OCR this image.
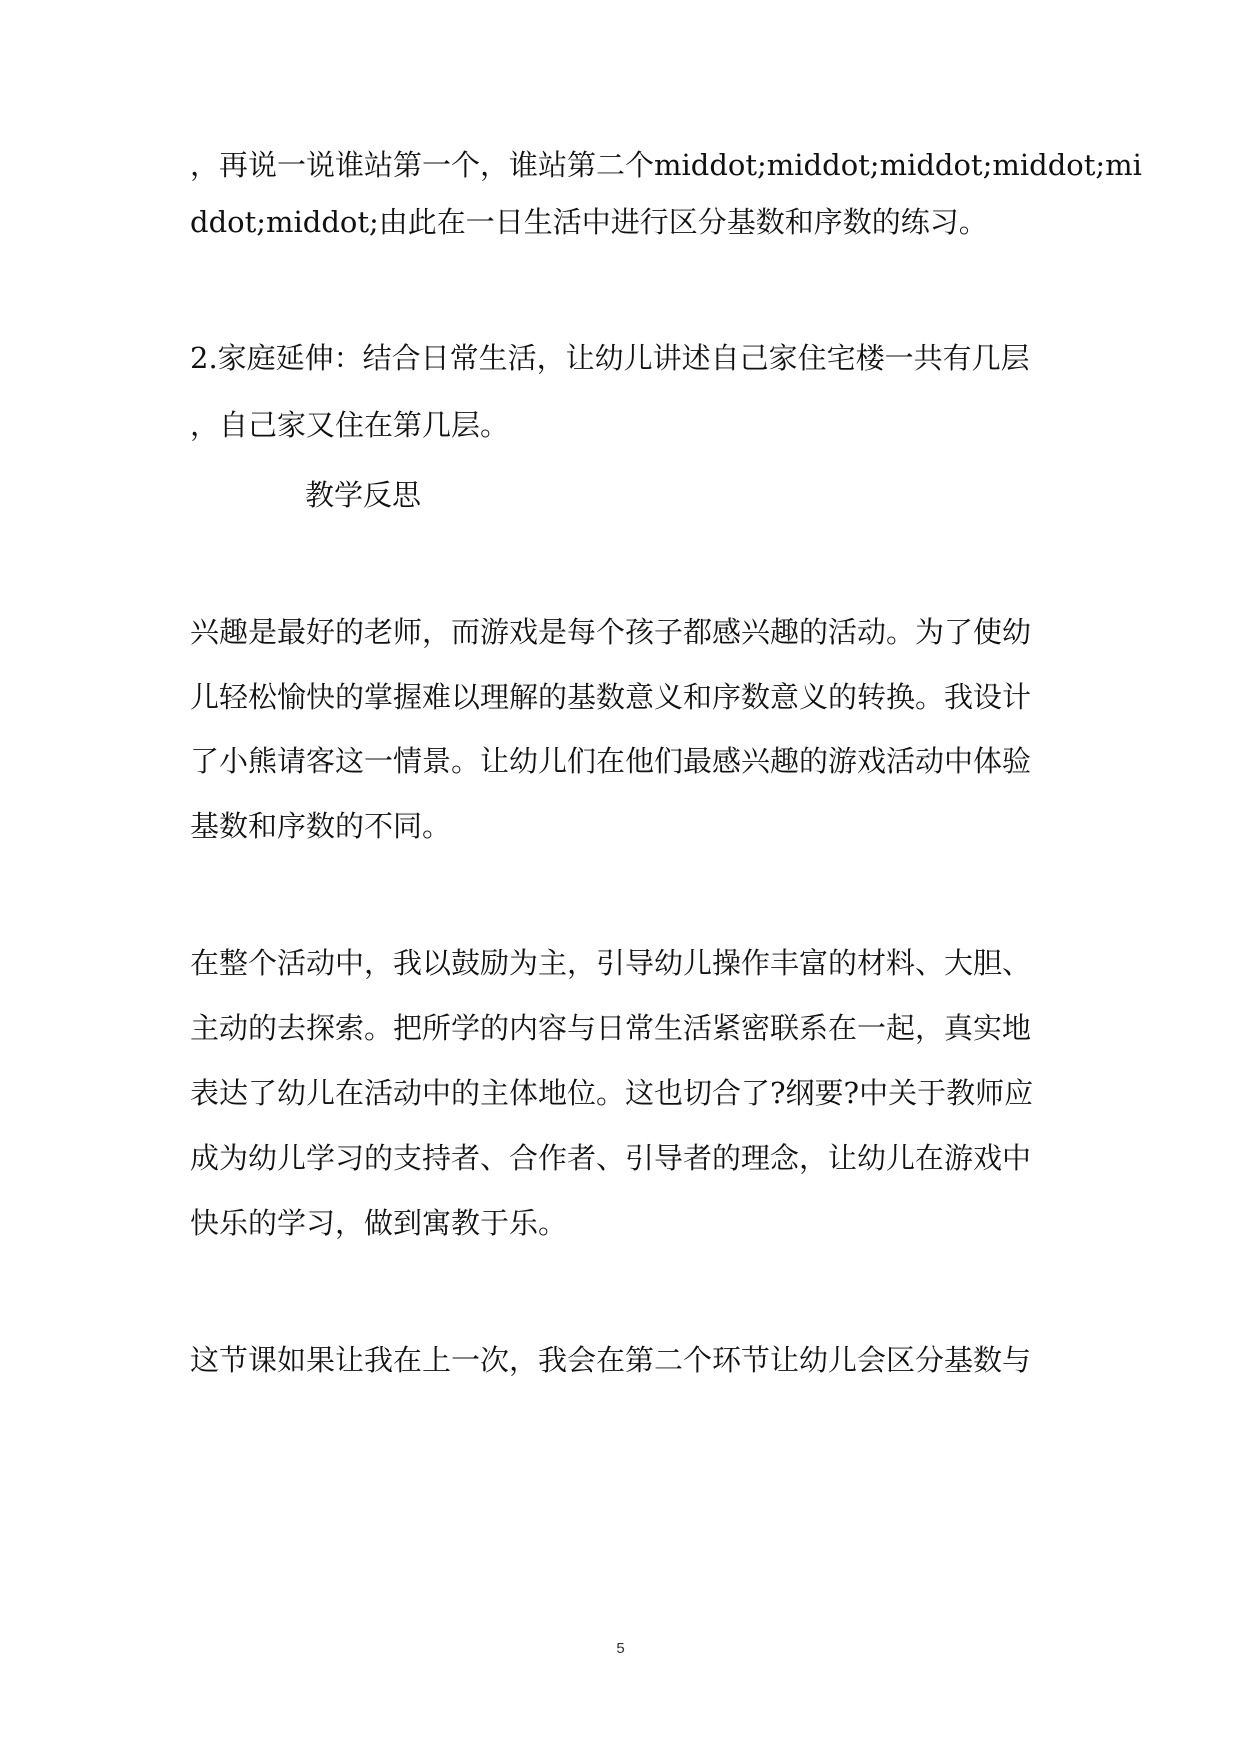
，再说一说谁站第一个，谁站第二个middot;middot;middot;middot;mi
ddot;middot;由此在一日生活中进行区分基数和序数的练习。
2.家庭延伸：结合日常生活，让幼儿讲述自己家住宅楼一共有几层
，自己家又住在第几层。
教学反思
兴趣是最好的老师，而游戏是每个孩子都感兴趣的活动。为了使幼
儿轻松愉快的掌握难以理解的基数意义和序数意义的转换。我设计
了小熊请客这一情景。让幼儿们在他们最感兴趣的游戏活动中体验
基数和序数的不同。
在整个活动中，我以鼓励为主，引导幼儿操作丰富的材料、大胆、
主动的去探索。把所学的内容与日常生活紧密联系在一起，真实地
表达了幼儿在活动中的主体地位。这也切合了?纲要?中关于教师应
成为幼儿学习的支持者、合作者、引导者的理念，让幼儿在游戏中
快乐的学习，做到寓教于乐。
这节课如果让我在上一次，我会在第二个环节让幼儿会区分基数与
5
